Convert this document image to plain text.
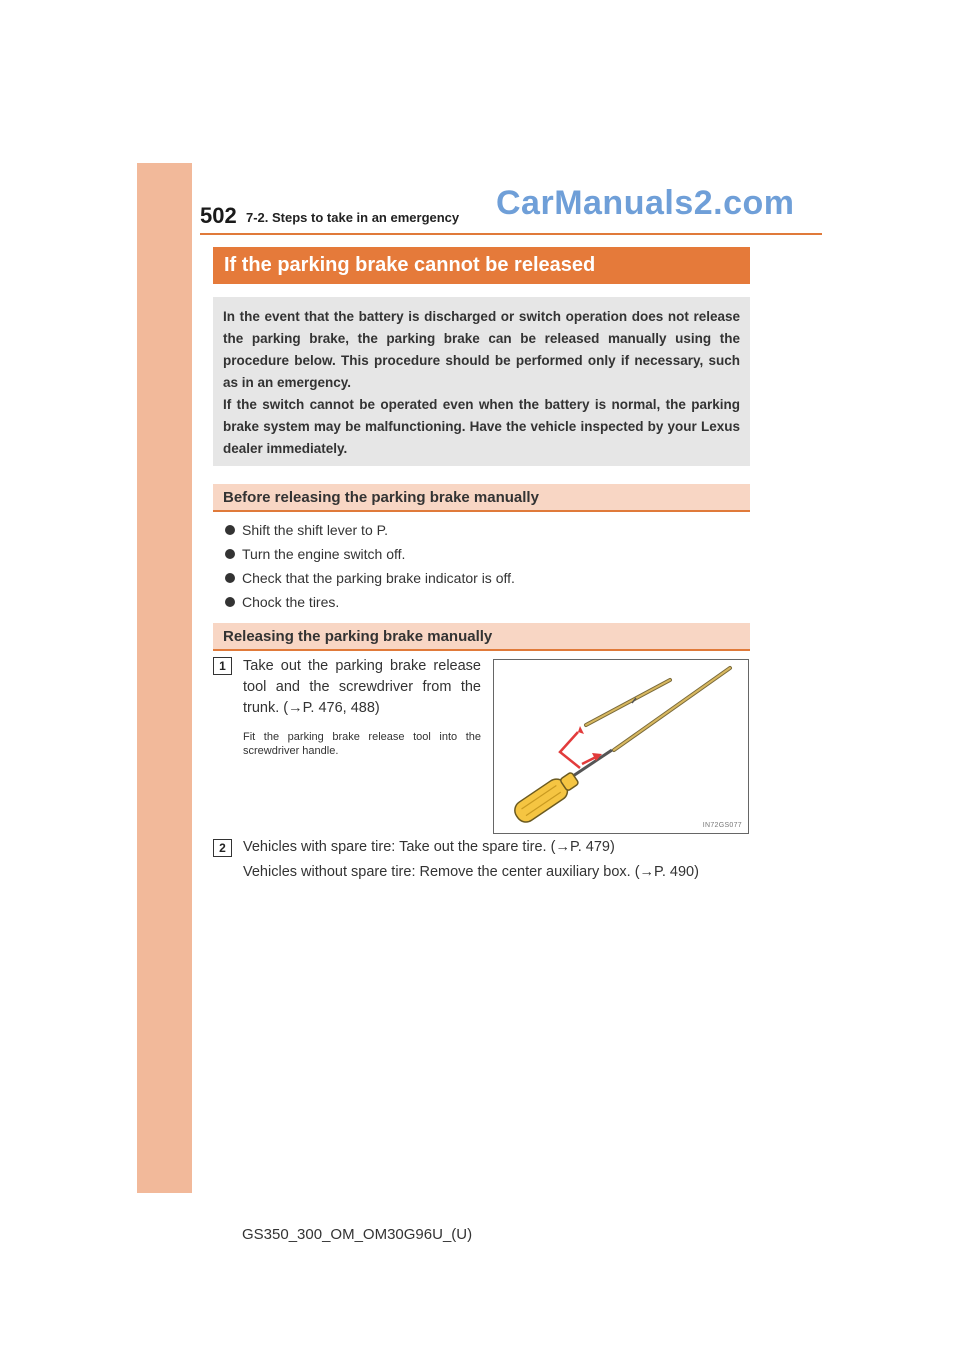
502 7-2. Steps to take in an emergency CarManuals2.com
If the parking brake cannot be released

In the event that the battery is discharged or switch operation does not release the parking brake, the parking brake can be released manually using the procedure below. This procedure should be performed only if necessary, such as in an emergency.

If the switch cannot be operated even when the battery is normal, the parking brake system may be malfunctioning. Have the vehicle inspected by your Lexus dealer immediately.

Before releasing the parking brake manually
Shift the shift lever to P.
Turn the engine switch off.
Check that the parking brake indicator is off.
Chock the tires.
Releasing the parking brake manually
1	Take out the parking brake release tool and the screwdriver from the trunk. (→P. 476, 488)
Fit the parking brake release tool into the screwdriver handle.
IN72GS077
2	Vehicles with spare tire: Take out the spare tire. (→P. 479)
Vehicles without spare tire: Remove the center auxiliary box. (→P. 490)
GS350_300_OM_OM30G96U_(U)
